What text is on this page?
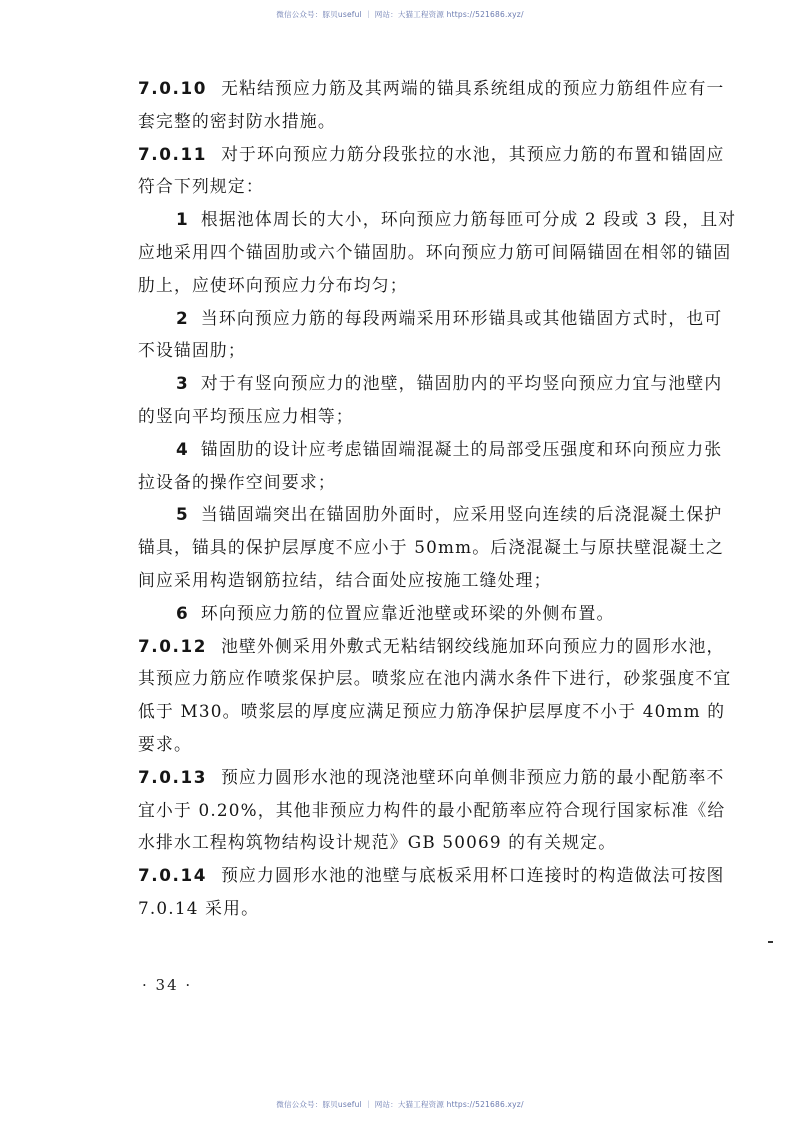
微信公众号：豚贝useful ｜ 网站：大猫工程资源 https://521686.xyz/

7.0.10 无粘结预应力筋及其两端的锚具系统组成的预应力筋组件应有一套完整的密封防水措施。

7.0.11 对于环向预应力筋分段张拉的水池，其预应力筋的布置和锚固应符合下列规定：

1 根据池体周长的大小，环向预应力筋每匝可分成 2 段或 3 段，且对应地采用四个锚固肋或六个锚固肋。环向预应力筋可间隔锚固在相邻的锚固肋上，应使环向预应力分布均匀；

2 当环向预应力筋的每段两端采用环形锚具或其他锚固方式时，也可不设锚固肋；

3 对于有竖向预应力的池壁，锚固肋内的平均竖向预应力宜与池壁内的竖向平均预压应力相等；

4 锚固肋的设计应考虑锚固端混凝土的局部受压强度和环向预应力张拉设备的操作空间要求；

5 当锚固端突出在锚固肋外面时，应采用竖向连续的后浇混凝土保护锚具，锚具的保护层厚度不应小于 50mm。后浇混凝土与原扶壁混凝土之间应采用构造钢筋拉结，结合面处应按施工缝处理；

6 环向预应力筋的位置应靠近池壁或环梁的外侧布置。

7.0.12 池壁外侧采用外敷式无粘结钢绞线施加环向预应力的圆形水池，其预应力筋应作喷浆保护层。喷浆应在池内满水条件下进行，砂浆强度不宜低于 M30。喷浆层的厚度应满足预应力筋净保护层厚度不小于 40mm 的要求。

7.0.13 预应力圆形水池的现浇池壁环向单侧非预应力筋的最小配筋率不宜小于 0.20%，其他非预应力构件的最小配筋率应符合现行国家标准《给水排水工程构筑物结构设计规范》GB 50069 的有关规定。

7.0.14 预应力圆形水池的池壁与底板采用杯口连接时的构造做法可按图 7.0.14 采用。

· 34 ·
微信公众号：豚贝useful ｜ 网站：大猫工程资源 https://521686.xyz/
